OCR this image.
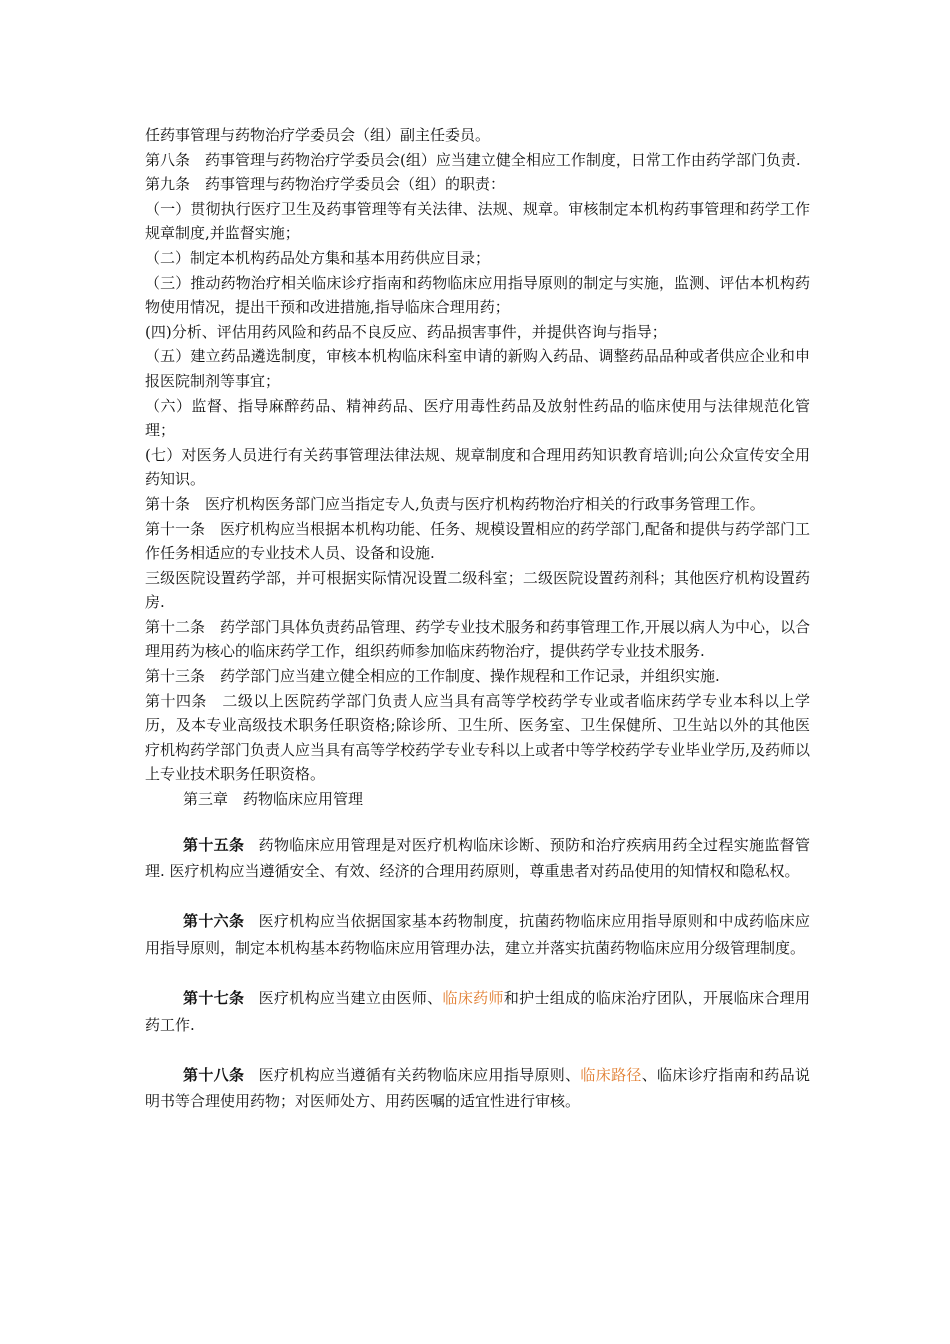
任药事管理与药物治疗学委员会（组）副主任委员。

第八条　药事管理与药物治疗学委员会(组）应当建立健全相应工作制度，日常工作由药学部门负责.

第九条　药事管理与药物治疗学委员会（组）的职责：

（一）贯彻执行医疗卫生及药事管理等有关法律、法规、规章。审核制定本机构药事管理和药学工作规章制度,并监督实施；

（二）制定本机构药品处方集和基本用药供应目录；

（三）推动药物治疗相关临床诊疗指南和药物临床应用指导原则的制定与实施，监测、评估本机构药物使用情况，提出干预和改进措施,指导临床合理用药；

(四)分析、评估用药风险和药品不良反应、药品损害事件，并提供咨询与指导；

（五）建立药品遴选制度，审核本机构临床科室申请的新购入药品、调整药品品种或者供应企业和申报医院制剂等事宜；

（六）监督、指导麻醉药品、精神药品、医疗用毒性药品及放射性药品的临床使用与法律规范化管理；

(七）对医务人员进行有关药事管理法律法规、规章制度和合理用药知识教育培训;向公众宣传安全用药知识。

第十条　医疗机构医务部门应当指定专人,负责与医疗机构药物治疗相关的行政事务管理工作。

第十一条　医疗机构应当根据本机构功能、任务、规模设置相应的药学部门,配备和提供与药学部门工作任务相适应的专业技术人员、设备和设施.

三级医院设置药学部，并可根据实际情况设置二级科室；二级医院设置药剂科；其他医疗机构设置药房.

第十二条　药学部门具体负责药品管理、药学专业技术服务和药事管理工作,开展以病人为中心，以合理用药为核心的临床药学工作，组织药师参加临床药物治疗，提供药学专业技术服务.

第十三条　药学部门应当建立健全相应的工作制度、操作规程和工作记录，并组织实施.

第十四条　二级以上医院药学部门负责人应当具有高等学校药学专业或者临床药学专业本科以上学历，及本专业高级技术职务任职资格;除诊所、卫生所、医务室、卫生保健所、卫生站以外的其他医疗机构药学部门负责人应当具有高等学校药学专业专科以上或者中等学校药学专业毕业学历,及药师以上专业技术职务任职资格。

第三章　药物临床应用管理

第十五条 药物临床应用管理是对医疗机构临床诊断、预防和治疗疾病用药全过程实施监督管理. 医疗机构应当遵循安全、有效、经济的合理用药原则，尊重患者对药品使用的知情权和隐私权。

第十六条 医疗机构应当依据国家基本药物制度，抗菌药物临床应用指导原则和中成药临床应用指导原则，制定本机构基本药物临床应用管理办法，建立并落实抗菌药物临床应用分级管理制度。

第十七条 医疗机构应当建立由医师、临床药师和护士组成的临床治疗团队，开展临床合理用药工作.

第十八条 医疗机构应当遵循有关药物临床应用指导原则、临床路径、临床诊疗指南和药品说明书等合理使用药物；对医师处方、用药医嘱的适宜性进行审核。
